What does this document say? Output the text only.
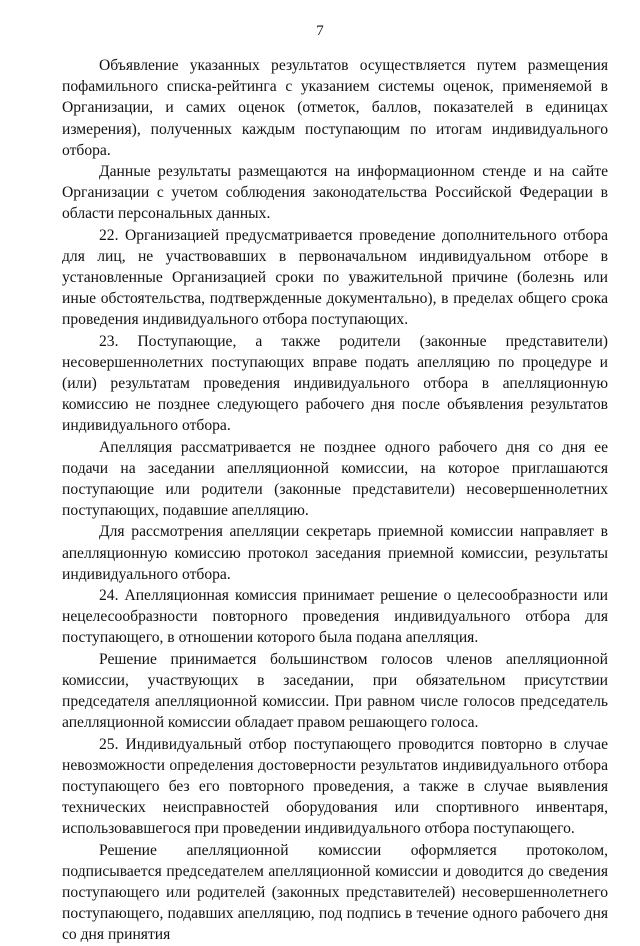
7

Объявление указанных результатов осуществляется путем размещения пофамильного списка-рейтинга с указанием системы оценок, применяемой в Организации, и самих оценок (отметок, баллов, показателей в единицах измерения), полученных каждым поступающим по итогам индивидуального отбора.

Данные результаты размещаются на информационном стенде и на сайте Организации с учетом соблюдения законодательства Российской Федерации в области персональных данных.

22. Организацией предусматривается проведение дополнительного отбора для лиц, не участвовавших в первоначальном индивидуальном отборе в установленные Организацией сроки по уважительной причине (болезнь или иные обстоятельства, подтвержденные документально), в пределах общего срока проведения индивидуального отбора поступающих.

23. Поступающие, а также родители (законные представители) несовершеннолетних поступающих вправе подать апелляцию по процедуре и (или) результатам проведения индивидуального отбора в апелляционную комиссию не позднее следующего рабочего дня после объявления результатов индивидуального отбора.

Апелляция рассматривается не позднее одного рабочего дня со дня ее подачи на заседании апелляционной комиссии, на которое приглашаются поступающие или родители (законные представители) несовершеннолетних поступающих, подавшие апелляцию.

Для рассмотрения апелляции секретарь приемной комиссии направляет в апелляционную комиссию протокол заседания приемной комиссии, результаты индивидуального отбора.

24. Апелляционная комиссия принимает решение о целесообразности или нецелесообразности повторного проведения индивидуального отбора для поступающего, в отношении которого была подана апелляция.

Решение принимается большинством голосов членов апелляционной комиссии, участвующих в заседании, при обязательном присутствии председателя апелляционной комиссии. При равном числе голосов председатель апелляционной комиссии обладает правом решающего голоса.

25. Индивидуальный отбор поступающего проводится повторно в случае невозможности определения достоверности результатов индивидуального отбора поступающего без его повторного проведения, а также в случае выявления технических неисправностей оборудования или спортивного инвентаря, использовавшегося при проведении индивидуального отбора поступающего.

Решение апелляционной комиссии оформляется протоколом, подписывается председателем апелляционной комиссии и доводится до сведения поступающего или родителей (законных представителей) несовершеннолетнего поступающего, подавших апелляцию, под подпись в течение одного рабочего дня со дня принятия
